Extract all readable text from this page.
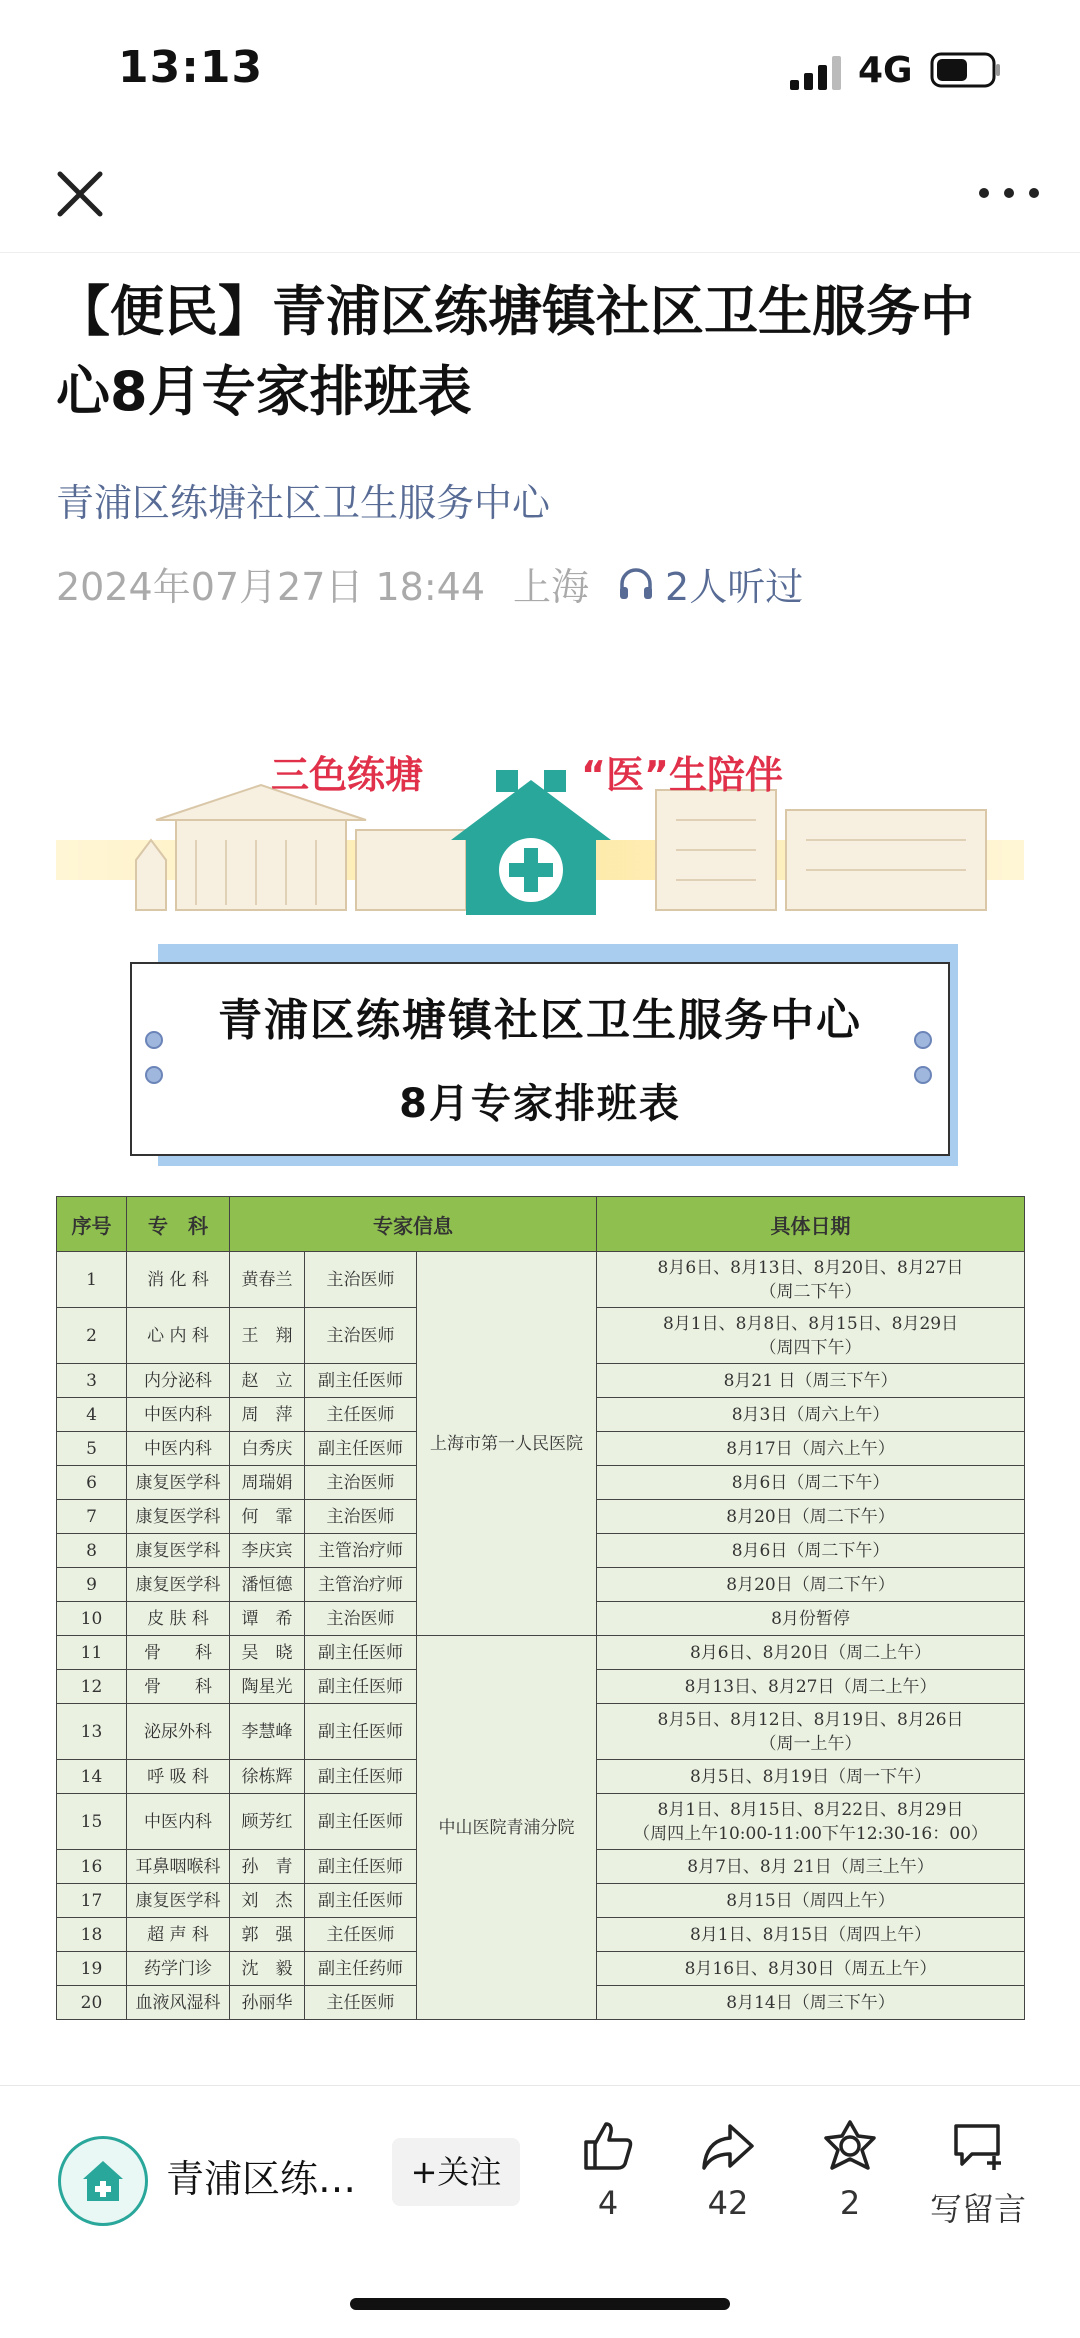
13:13	4G
【便民】青浦区练塘镇社区卫生服务中心8月专家排班表
青浦区练塘社区卫生服务中心
2024年07月27日 18:44 上海 2人听过
三色练塘	“医”生陪伴
青浦区练塘镇社区卫生服务中心
8月专家排班表
序号	专　科	专家信息			具体日期
1	消 化 科	黄春兰	主治医师	上海市第一人民医院	8月6日、8月13日、8月20日、8月27日
（周二下午）

2	心 内 科	王　翔	主治医师		8月1日、8月8日、8月15日、8月29日
（周四下午）

3	内分泌科	赵　立	副主任医师		8月21 日（周三下午）

4	中医内科	周　萍	主任医师		8月3日（周六上午）

5	中医内科	白秀庆	副主任医师		8月17日（周六上午）

6	康复医学科	周瑞娟	主治医师		8月6日（周二下午）

7	康复医学科	何　霏	主治医师		8月20日（周二下午）

8	康复医学科	李庆宾	主管治疗师		8月6日（周二下午）

9	康复医学科	潘恒德	主管治疗师		8月20日（周二下午）

10	皮 肤 科	谭　希	主治医师		8月份暂停

11	骨　　科	吴　晓	副主任医师	中山医院青浦分院	8月6日、8月20日（周二上午）

12	骨　　科	陶星光	副主任医师		8月13日、8月27日（周二上午）

13	泌尿外科	李慧峰	副主任医师		8月5日、8月12日、8月19日、8月26日
（周一上午）

14	呼 吸 科	徐栋辉	副主任医师		8月5日、8月19日（周一下午）

15	中医内科	顾芳红	副主任医师		8月1日、8月15日、8月22日、8月29日
（周四上午10:00-11:00下午12:30-16：00）

16	耳鼻咽喉科	孙　青	副主任医师		8月7日、8月 21日（周三上午）

17	康复医学科	刘　杰	副主任医师		8月15日（周四上午）

18	超 声 科	郭　强	主任医师		8月1日、8月15日（周四上午）

19	药学门诊	沈　毅	副主任药师		8月16日、8月30日（周五上午）

20	血液风湿科	孙丽华	主任医师		8月14日（周三下午）
青浦区练…	+关注
4	42	2	写留言
